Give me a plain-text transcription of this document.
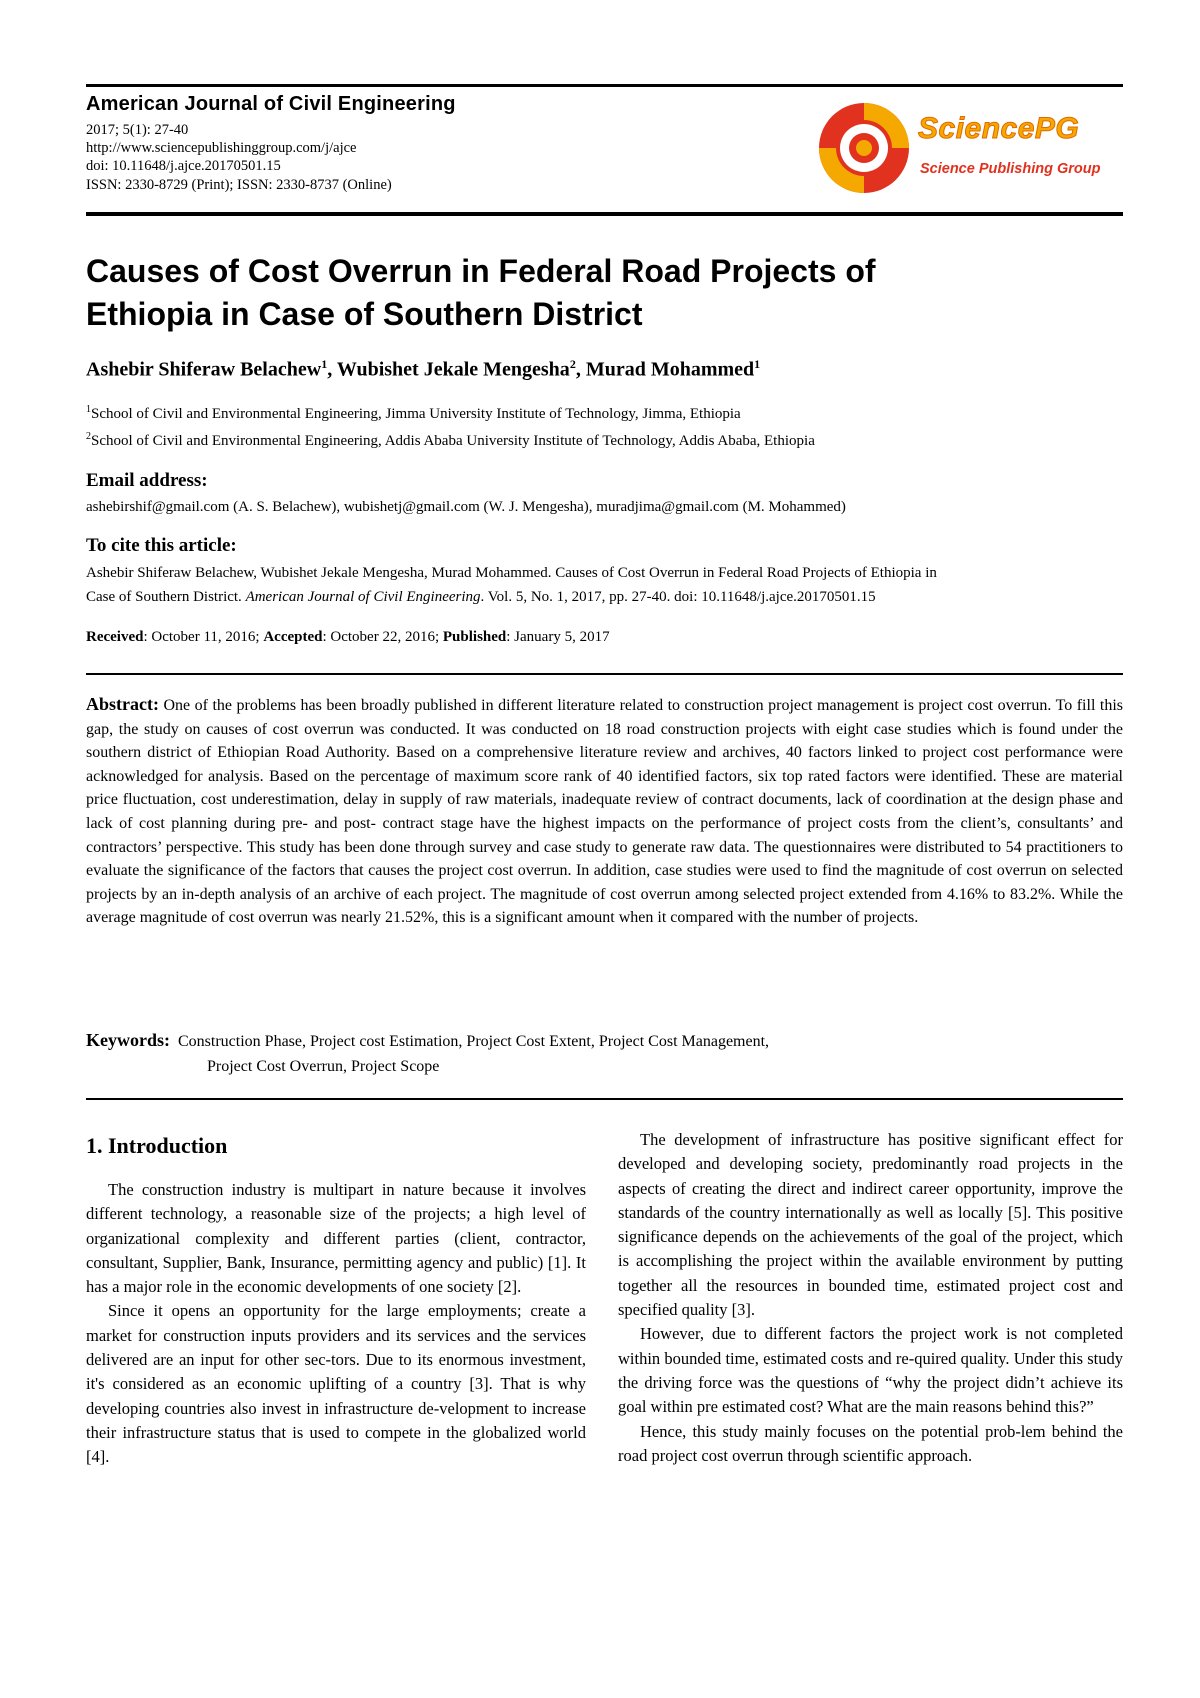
American Journal of Civil Engineering
2017; 5(1): 27-40
http://www.sciencepublishinggroup.com/j/ajce
doi: 10.11648/j.ajce.20170501.15
ISSN: 2330-8729 (Print); ISSN: 2330-8737 (Online)
SciencePG
Science Publishing Group
Causes of Cost Overrun in Federal Road Projects of
Ethiopia in Case of Southern District
Ashebir Shiferaw Belachew$^1$, Wubishet Jekale Mengesha$^2$, Murad Mohammed$^1$
$^1$School of Civil and Environmental Engineering, Jimma University Institute of Technology, Jimma, Ethiopia
$^2$School of Civil and Environmental Engineering, Addis Ababa University Institute of Technology, Addis Ababa, Ethiopia
Email address:
ashebirshif@gmail.com (A. S. Belachew), wubishetj@gmail.com (W. J. Mengesha), muradjima@gmail.com (M. Mohammed)
To cite this article:
Ashebir Shiferaw Belachew, Wubishet Jekale Mengesha, Murad Mohammed. Causes of Cost Overrun in Federal Road Projects of Ethiopia in
Case of Southern District. American Journal of Civil Engineering. Vol. 5, No. 1, 2017, pp. 27-40. doi: 10.11648/j.ajce.20170501.15
Received: October 11, 2016; Accepted: October 22, 2016; Published: January 5, 2017
Abstract: One of the problems has been broadly published in different literature related to construction project management is project cost overrun. To fill this gap, the study on causes of cost overrun was conducted. It was conducted on 18 road construction projects with eight case studies which is found under the southern district of Ethiopian Road Authority. Based on a comprehensive literature review and archives, 40 factors linked to project cost performance were acknowledged for analysis. Based on the percentage of maximum score rank of 40 identified factors, six top rated factors were identified. These are material price fluctuation, cost underestimation, delay in supply of raw materials, inadequate review of contract documents, lack of coordination at the design phase and lack of cost planning during pre- and post- contract stage have the highest impacts on the performance of project costs from the client’s, consultants’ and contractors’ perspective. This study has been done through survey and case study to generate raw data. The questionnaires were distributed to 54 practitioners to evaluate the significance of the factors that causes the project cost overrun. In addition, case studies were used to find the magnitude of cost overrun on selected projects by an in-depth analysis of an archive of each project. The magnitude of cost overrun among selected project extended from 4.16% to 83.2%. While the average magnitude of cost overrun was nearly 21.52%, this is a significant amount when it compared with the number of projects.
Keywords: Construction Phase, Project cost Estimation, Project Cost Extent, Project Cost Management,
Project Cost Overrun, Project Scope
1. Introduction

The construction industry is multipart in nature because it involves different technology, a reasonable size of the projects; a high level of organizational complexity and different parties (client, contractor, consultant, Supplier, Bank, Insurance, permitting agency and public) [1]. It has a major role in the economic developments of one society [2].

Since it opens an opportunity for the large employments; create a market for construction inputs providers and its services and the services delivered are an input for other sec-tors. Due to its enormous investment, it's considered as an economic uplifting of a country [3]. That is why developing countries also invest in infrastructure de-velopment to increase their infrastructure status that is used to compete in the globalized world [4].

The development of infrastructure has positive significant effect for developed and developing society, predominantly road projects in the aspects of creating the direct and indirect career opportunity, improve the standards of the country internationally as well as locally [5]. This positive significance depends on the achievements of the goal of the project, which is accomplishing the project within the available environment by putting together all the resources in bounded time, estimated project cost and specified quality [3].

However, due to different factors the project work is not completed within bounded time, estimated costs and re-quired quality. Under this study the driving force was the questions of “why the project didn’t achieve its goal within pre estimated cost? What are the main reasons behind this?”

Hence, this study mainly focuses on the potential prob-lem behind the road project cost overrun through scientific approach.
